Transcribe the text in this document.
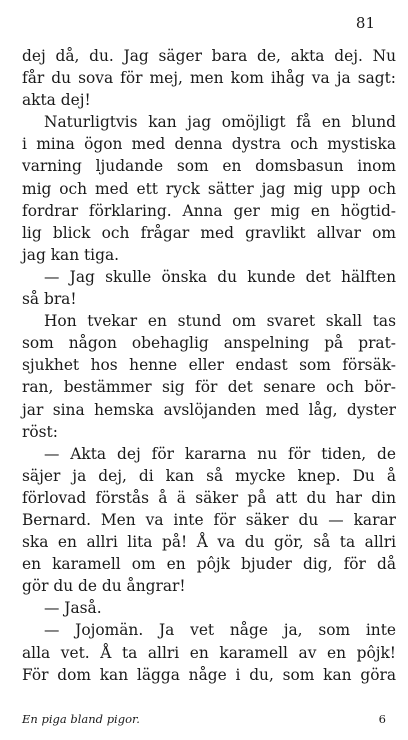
81
dej då, du. Jag säger bara de, akta dej. Nu
får du sova för mej, men kom ihåg va ja sagt:
akta dej!
Naturligtvis kan jag omöjligt få en blund
i mina ögon med denna dystra och mystiska
varning ljudande som en domsbasun inom
mig och med ett ryck sätter jag mig upp och
fordrar förklaring. Anna ger mig en högtid-
lig blick och frågar med gravlikt allvar om
jag kan tiga.
— Jag skulle önska du kunde det hälften
så bra!
Hon tvekar en stund om svaret skall tas
som någon obehaglig anspelning på prat-
sjukhet hos henne eller endast som försäk-
ran, bestämmer sig för det senare och bör-
jar sina hemska avslöjanden med låg, dyster
röst:
— Akta dej för kararna nu för tiden, de
säjer ja dej, di kan så mycke knep. Du å
förlovad förstås å ä säker på att du har din
Bernard. Men va inte för säker du — karar
ska en allri lita på! Å va du gör, så ta allri
en karamell om en pôjk bjuder dig, för då
gör du de du ångrar!
— Jaså.
— Jojomän. Ja vet någe ja, som inte
alla vet. Å ta allri en karamell av en pôjk!
För dom kan lägga någe i du, som kan göra
En piga bland pigor.	6
